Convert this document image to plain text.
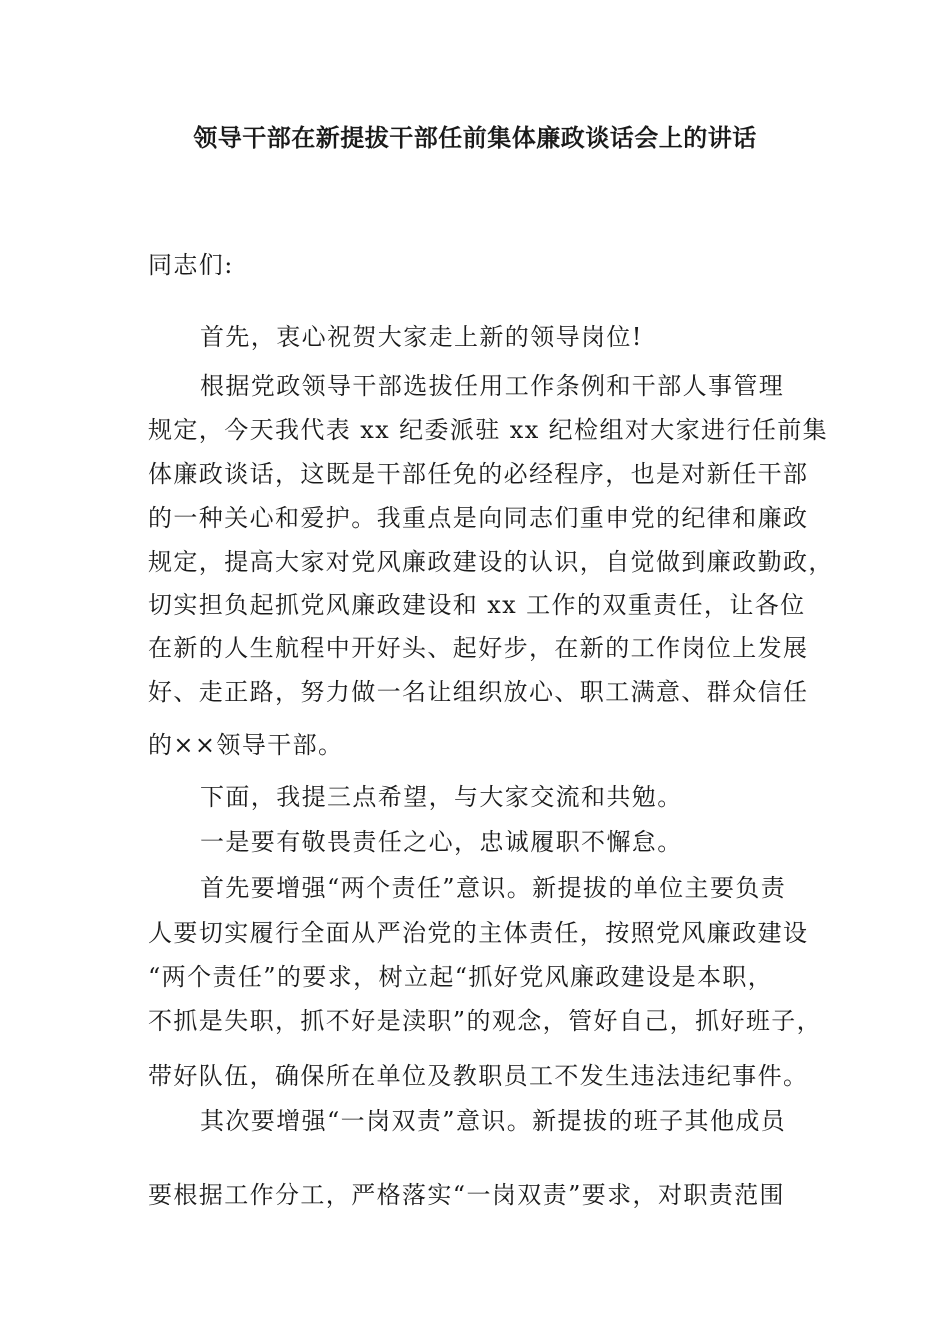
领导干部在新提拔干部任前集体廉政谈话会上的讲话
同志们:
首先，衷心祝贺大家走上新的领导岗位!
根据党政领导干部选拔任用工作条例和干部人事管理
规定，今天我代表 xx 纪委派驻 xx 纪检组对大家进行任前集
体廉政谈话，这既是干部任免的必经程序，也是对新任干部
的一种关心和爱护。我重点是向同志们重申党的纪律和廉政
规定，提高大家对党风廉政建设的认识，自觉做到廉政勤政，
切实担负起抓党风廉政建设和 xx 工作的双重责任，让各位
在新的人生航程中开好头、起好步，在新的工作岗位上发展
好、走正路，努力做一名让组织放心、职工满意、群众信任
的××领导干部。
下面，我提三点希望，与大家交流和共勉。
一是要有敬畏责任之心，忠诚履职不懈怠。
首先要增强“两个责任”意识。新提拔的单位主要负责
人要切实履行全面从严治党的主体责任，按照党风廉政建设
“两个责任”的要求，树立起“抓好党风廉政建设是本职，
不抓是失职，抓不好是渎职”的观念，管好自己，抓好班子，
带好队伍，确保所在单位及教职员工不发生违法违纪事件。
其次要增强“一岗双责”意识。新提拔的班子其他成员
要根据工作分工，严格落实“一岗双责”要求，对职责范围
